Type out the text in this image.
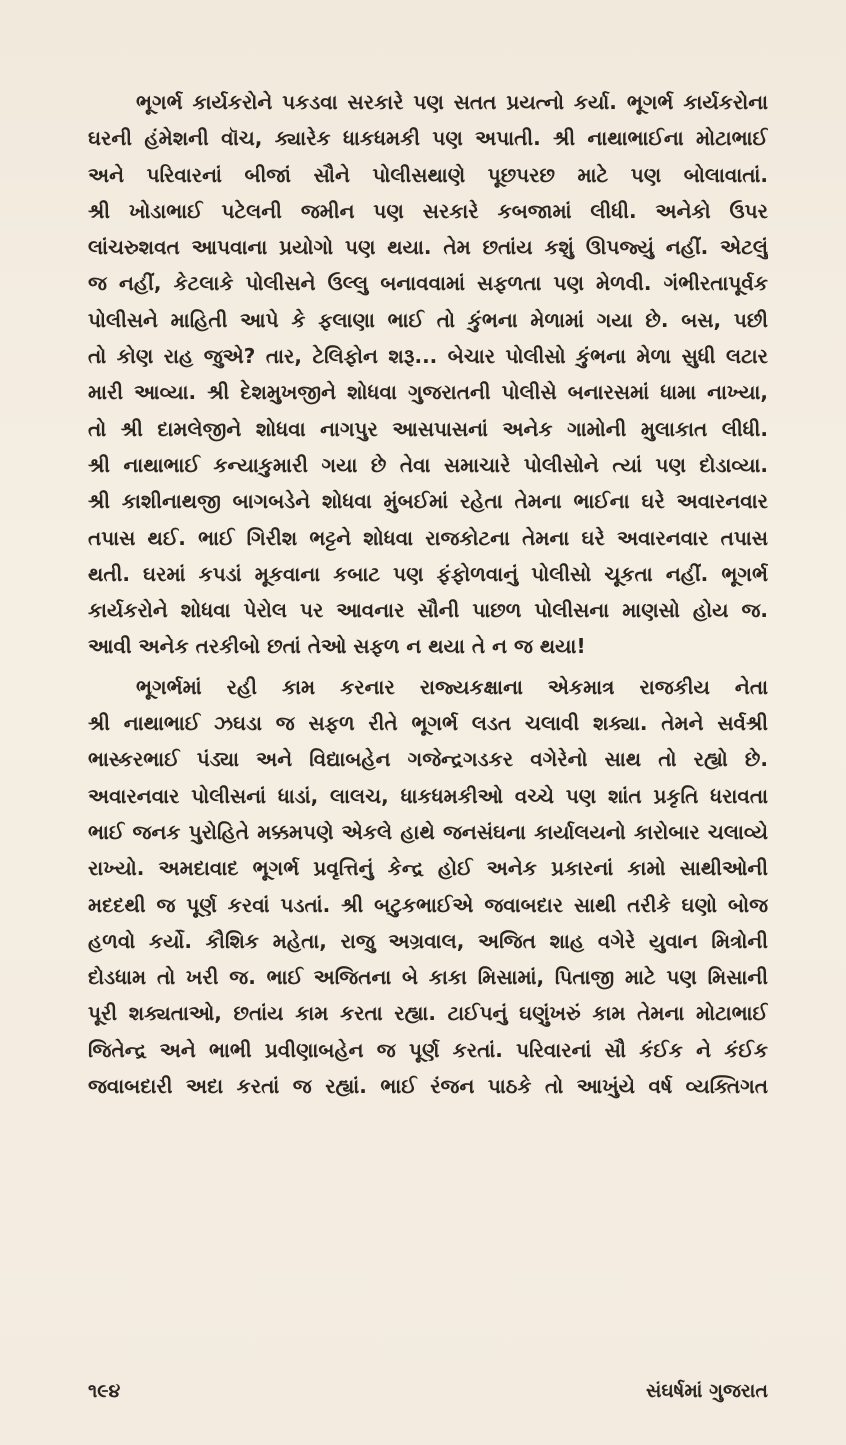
ભૂગર્ભ કાર્યકરોને પકડવા સરકારે પણ સતત પ્રયત્નો કર્યા. ભૂગર્ભ કાર્યકરોના
ઘરની હંમેશની વૉચ, ક્યારેક ધાકધમકી પણ અપાતી. શ્રી નાથાભાઈના મોટાભાઈ
અને પરિવારનાં બીજાં સૌને પોલીસથાણે પૂછપરછ માટે પણ બોલાવાતાં.
શ્રી ખોડાભાઈ પટેલની જમીન પણ સરકારે કબજામાં લીધી. અનેકો ઉપર
લાંચરુશવત આપવાના પ્રયોગો પણ થયા. તેમ છતાંય કશું ઊપજ્યું નહીં. એટલું
જ નહીં, કેટલાકે પોલીસને ઉલ્લુ બનાવવામાં સફળતા પણ મેળવી. ગંભીરતાપૂર્વક
પોલીસને માહિતી આપે કે ફલાણા ભાઈ તો કુંભના મેળામાં ગયા છે. બસ, પછી
તો કોણ રાહ જુએ? તાર, ટેલિફોન શરૂ... બેચાર પોલીસો કુંભના મેળા સુધી લટાર
મારી આવ્યા. શ્રી દેશમુખજીને શોધવા ગુજરાતની પોલીસે બનારસમાં ધામા નાખ્યા,
તો શ્રી દામલેજીને શોધવા નાગપુર આસપાસનાં અનેક ગામોની મુલાકાત લીધી.
શ્રી નાથાભાઈ કન્યાકુમારી ગયા છે તેવા સમાચારે પોલીસોને ત્યાં પણ દોડાવ્યા.
શ્રી કાશીનાથજી બાગબડેને શોધવા મુંબઈમાં રહેતા તેમના ભાઈના ઘરે અવારનવાર
તપાસ થઈ. ભાઈ ગિરીશ ભટ્ટને શોધવા રાજકોટના તેમના ઘરે અવારનવાર તપાસ
થતી. ઘરમાં કપડાં મૂકવાના કબાટ પણ ફંફોળવાનું પોલીસો ચૂકતા નહીં. ભૂગર્ભ
કાર્યકરોને શોધવા પેરોલ પર આવનાર સૌની પાછળ પોલીસના માણસો હોય જ.
આવી અનેક તરકીબો છતાં તેઓ સફળ ન થયા તે ન જ થયા!

ભૂગર્ભમાં રહી કામ કરનાર રાજ્યકક્ષાના એકમાત્ર રાજકીય નેતા
શ્રી નાથાભાઈ ઝઘડા જ સફળ રીતે ભૂગર્ભ લડત ચલાવી શક્યા. તેમને સર્વશ્રી
ભાસ્કરભાઈ પંડ્યા અને વિદ્યાબહેન ગજેન્દ્રગડકર વગેરેનો સાથ તો રહ્યો છે.
અવારનવાર પોલીસનાં ધાડાં, લાલચ, ધાકધમકીઓ વચ્ચે પણ શાંત પ્રકૃતિ ધરાવતા
ભાઈ જનક પુરોહિતે મક્કમપણે એકલે હાથે જનસંઘના કાર્યાલયનો કારોબાર ચલાવ્યે
રાખ્યો. અમદાવાદ ભૂગર્ભ પ્રવૃત્તિનું કેન્દ્ર હોઈ અનેક પ્રકારનાં કામો સાથીઓની
મદદથી જ પૂર્ણ કરવાં પડતાં. શ્રી બટુકભાઈએ જવાબદાર સાથી તરીકે ઘણો બોજ
હળવો કર્યો. કૌશિક મહેતા, રાજુ અગ્રવાલ, અજિત શાહ વગેરે યુવાન મિત્રોની
દોડધામ તો ખરી જ. ભાઈ અજિતના બે કાકા મિસામાં, પિતાજી માટે પણ મિસાની
પૂરી શક્યતાઓ, છતાંય કામ કરતા રહ્યા. ટાઈપનું ઘણુંખરું કામ તેમના મોટાભાઈ
જિતેન્દ્ર અને ભાભી પ્રવીણાબહેન જ પૂર્ણ કરતાં. પરિવારનાં સૌ કંઈક ને કંઈક
જવાબદારી અદા કરતાં જ રહ્યાં. ભાઈ રંજન પાઠકે તો આખુંયે વર્ષ વ્યક્તિગત

૧૯૪	સંઘર્ષમાં ગુજરાત
